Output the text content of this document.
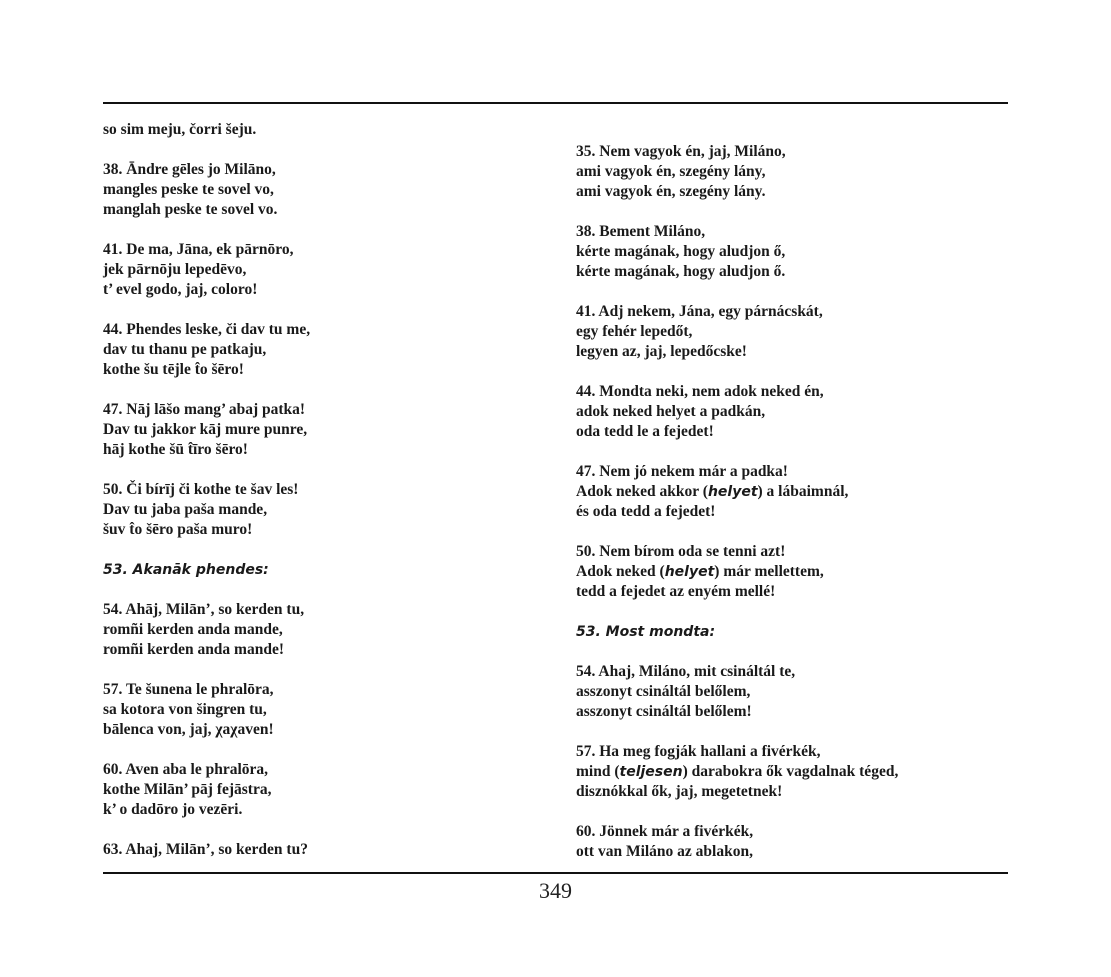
so sim meju, čorri šeju.
38. Āndre gēles jo Milāno,
mangles peske te sovel vo,
manglah peske te sovel vo.
41. De ma, Jāna, ek pārnōro,
jek pārnōju lepedēvo,
t’ evel godo, jaj, coloro!
44. Phendes leske, či dav tu me,
dav tu thanu pe patkaju,
kothe šu tējle t̂o šēro!
47. Nāj lāšo mang’ abaj patka!
Dav tu jakkor kāj mure punre,
hāj kothe šū t̂īro šēro!
50. Či bírīj či kothe te šav les!
Dav tu jaba paša mande,
šuv t̂o šēro paša muro!
53. Akanāk phendes:
54. Ahāj, Milān’, so kerden tu,
romñi kerden anda mande,
romñi kerden anda mande!
57. Te šunena le phralōra,
sa kotora von šingren tu,
bālenca von, jaj, χaχaven!
60. Aven aba le phralōra,
kothe Milān’ pāj fejāstra,
k’ o dadōro jo vezēri.
63. Ahaj, Milān’, so kerden tu?
35. Nem vagyok én, jaj, Miláno,
ami vagyok én, szegény lány,
ami vagyok én, szegény lány.
38. Bement Miláno,
kérte magának, hogy aludjon ő,
kérte magának, hogy aludjon ő.
41. Adj nekem, Jána, egy párnácskát,
egy fehér lepedőt,
legyen az, jaj, lepedőcske!
44. Mondta neki, nem adok neked én,
adok neked helyet a padkán,
oda tedd le a fejedet!
47. Nem jó nekem már a padka!
Adok neked akkor (helyet) a lábaimnál,
és oda tedd a fejedet!
50. Nem bírom oda se tenni azt!
Adok neked (helyet) már mellettem,
tedd a fejedet az enyém mellé!
53. Most mondta:
54. Ahaj, Miláno, mit csináltál te,
asszonyt csináltál belőlem,
asszonyt csináltál belőlem!
57. Ha meg fogják hallani a fivérkék,
mind (teljesen) darabokra ők vagdalnak téged,
disznókkal ők, jaj, megetetnek!
60. Jönnek már a fivérkék,
ott van Miláno az ablakon,
349
